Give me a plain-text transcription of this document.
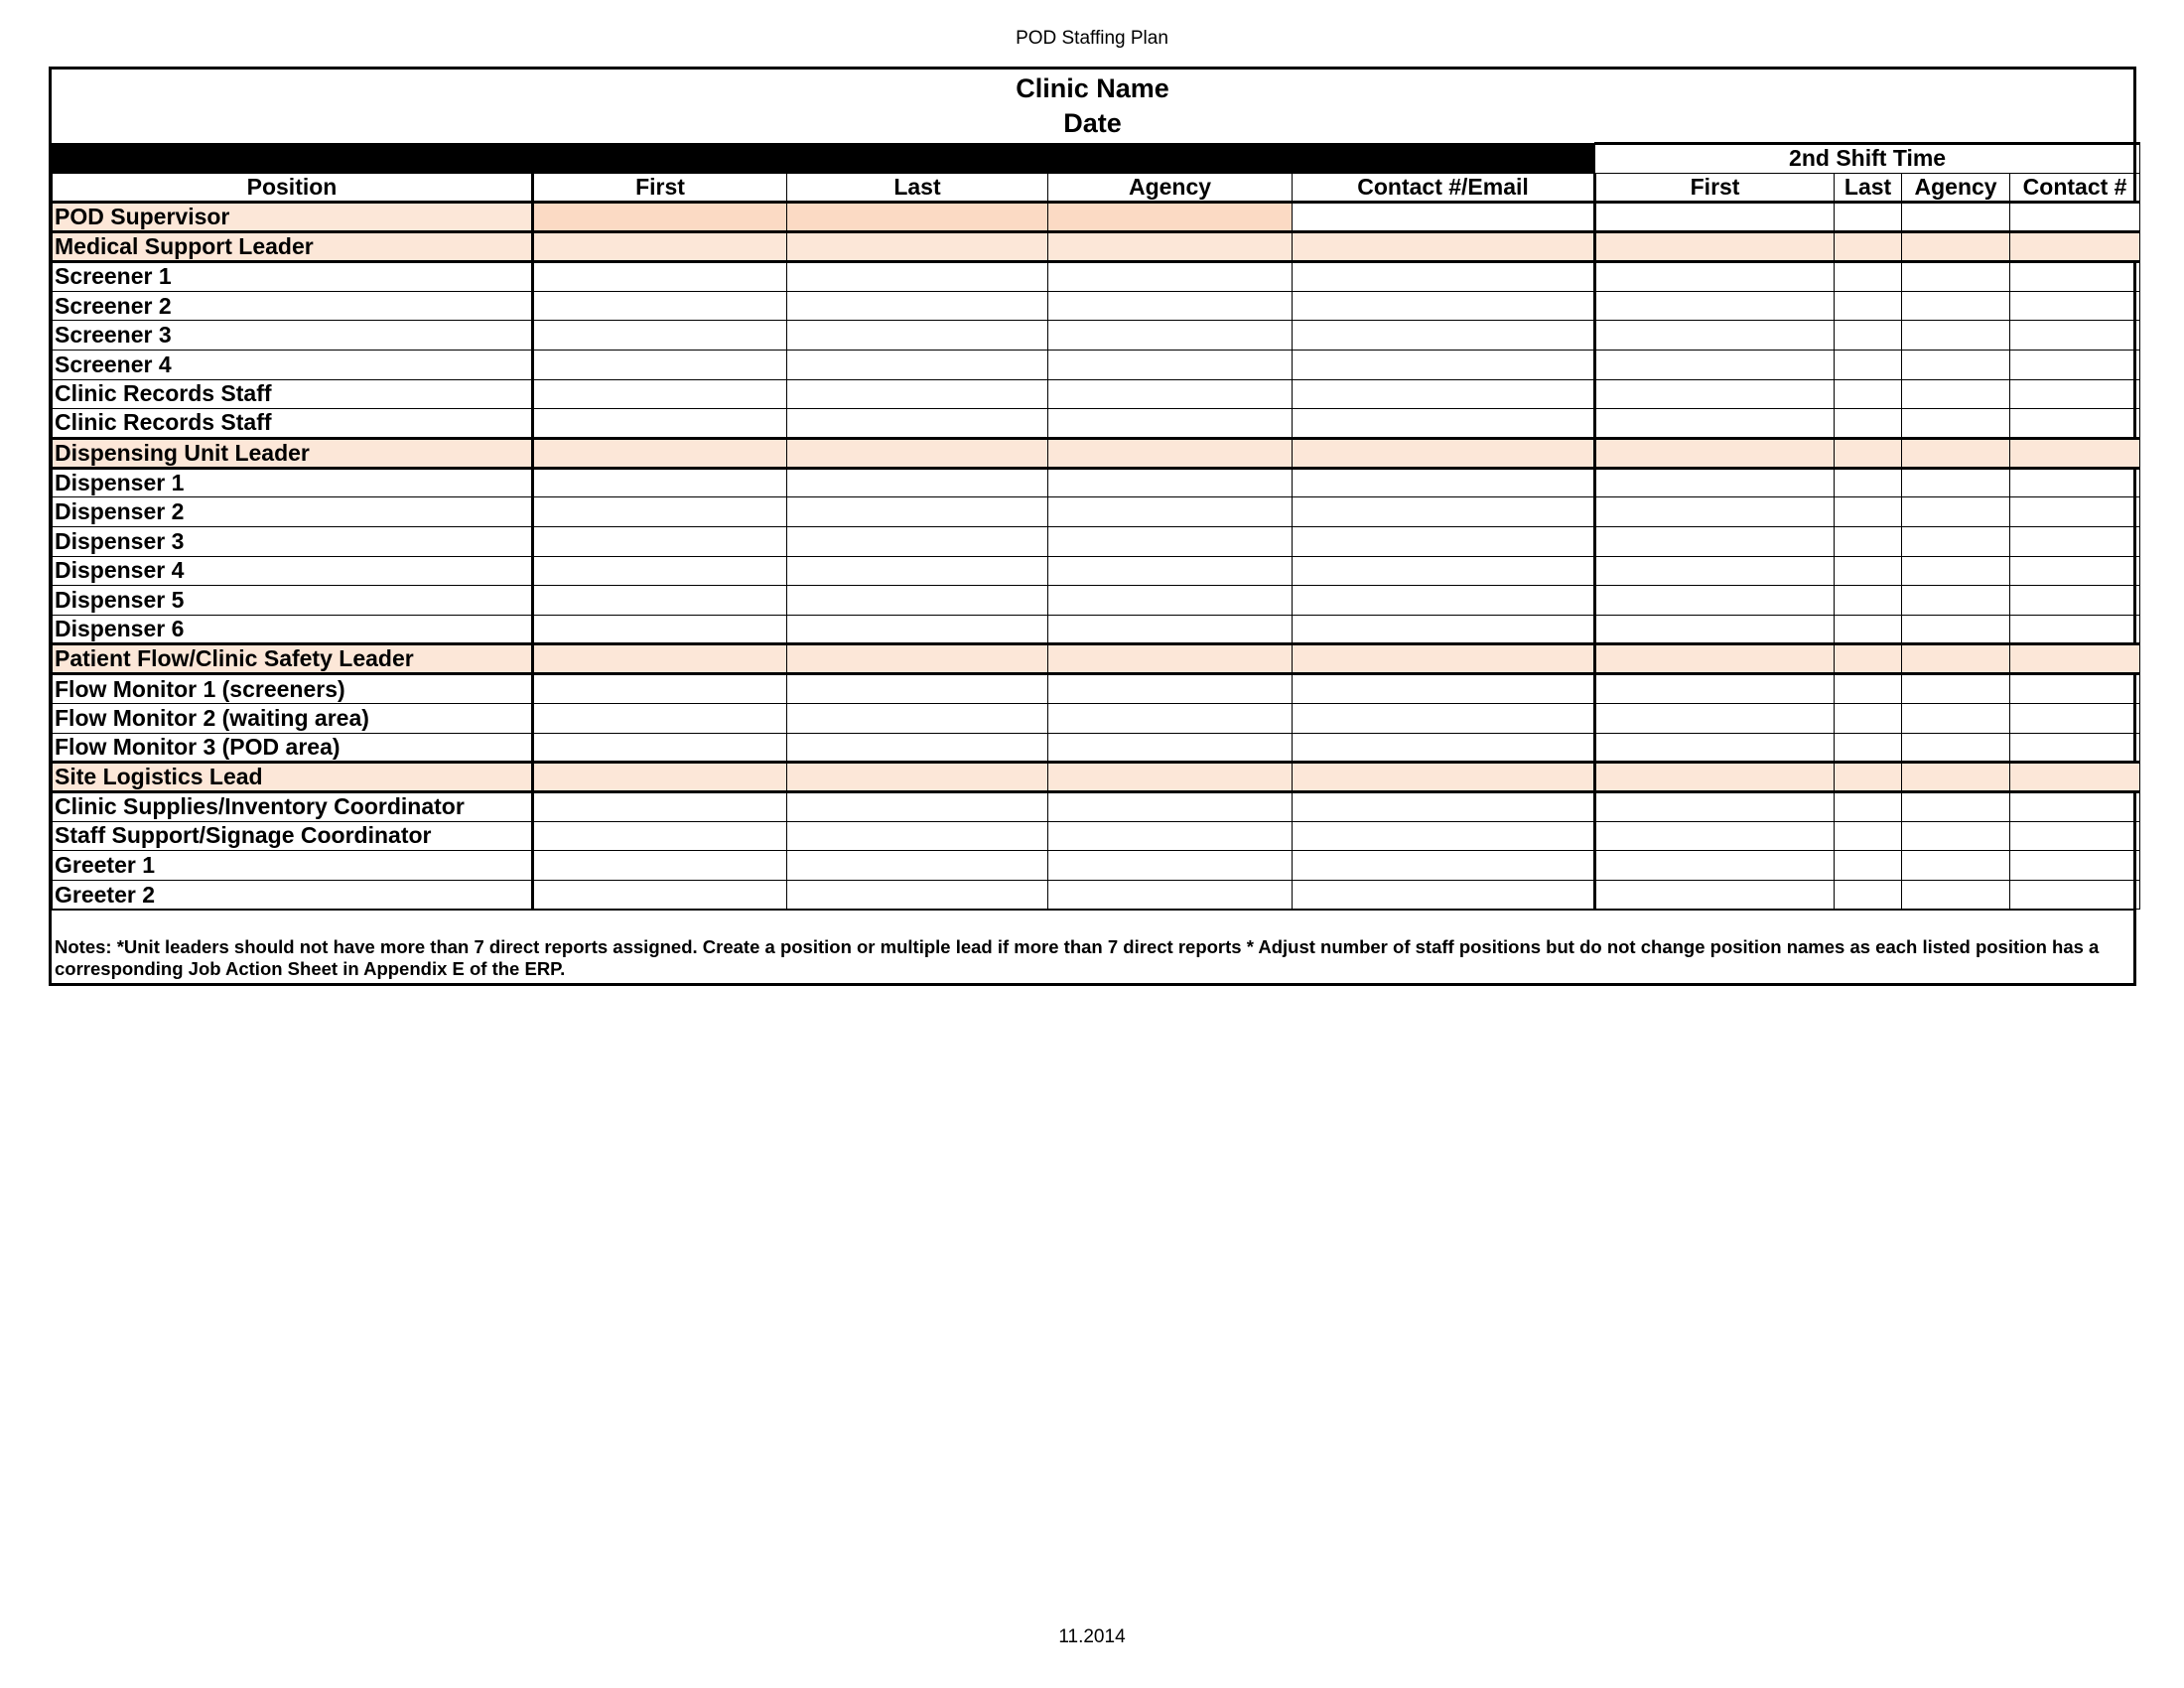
POD Staffing Plan
Clinic Name
Date
					2nd Shift Time			
Position	First	Last	Agency	Contact #/Email	First	Last	Agency	Contact #
POD Supervisor								
Medical Support Leader								
Screener 1								
Screener 2								
Screener 3								
Screener 4								
Clinic Records Staff								
Clinic Records Staff								
Dispensing Unit Leader								
Dispenser 1								
Dispenser 2								
Dispenser 3								
Dispenser 4								
Dispenser 5								
Dispenser 6								
Patient Flow/Clinic Safety Leader								
Flow Monitor 1 (screeners)								
Flow Monitor 2 (waiting area)								
Flow Monitor 3 (POD area)								
Site Logistics Lead								
Clinic Supplies/Inventory Coordinator								
Staff Support/Signage Coordinator								
Greeter 1								
Greeter 2								
Notes: *Unit leaders should not have more than 7 direct reports assigned. Create a position or multiple lead if more than 7 direct reports * Adjust number of staff positions but do not change position names as each listed position has a corresponding Job Action Sheet in Appendix E of the ERP.
11.2014
